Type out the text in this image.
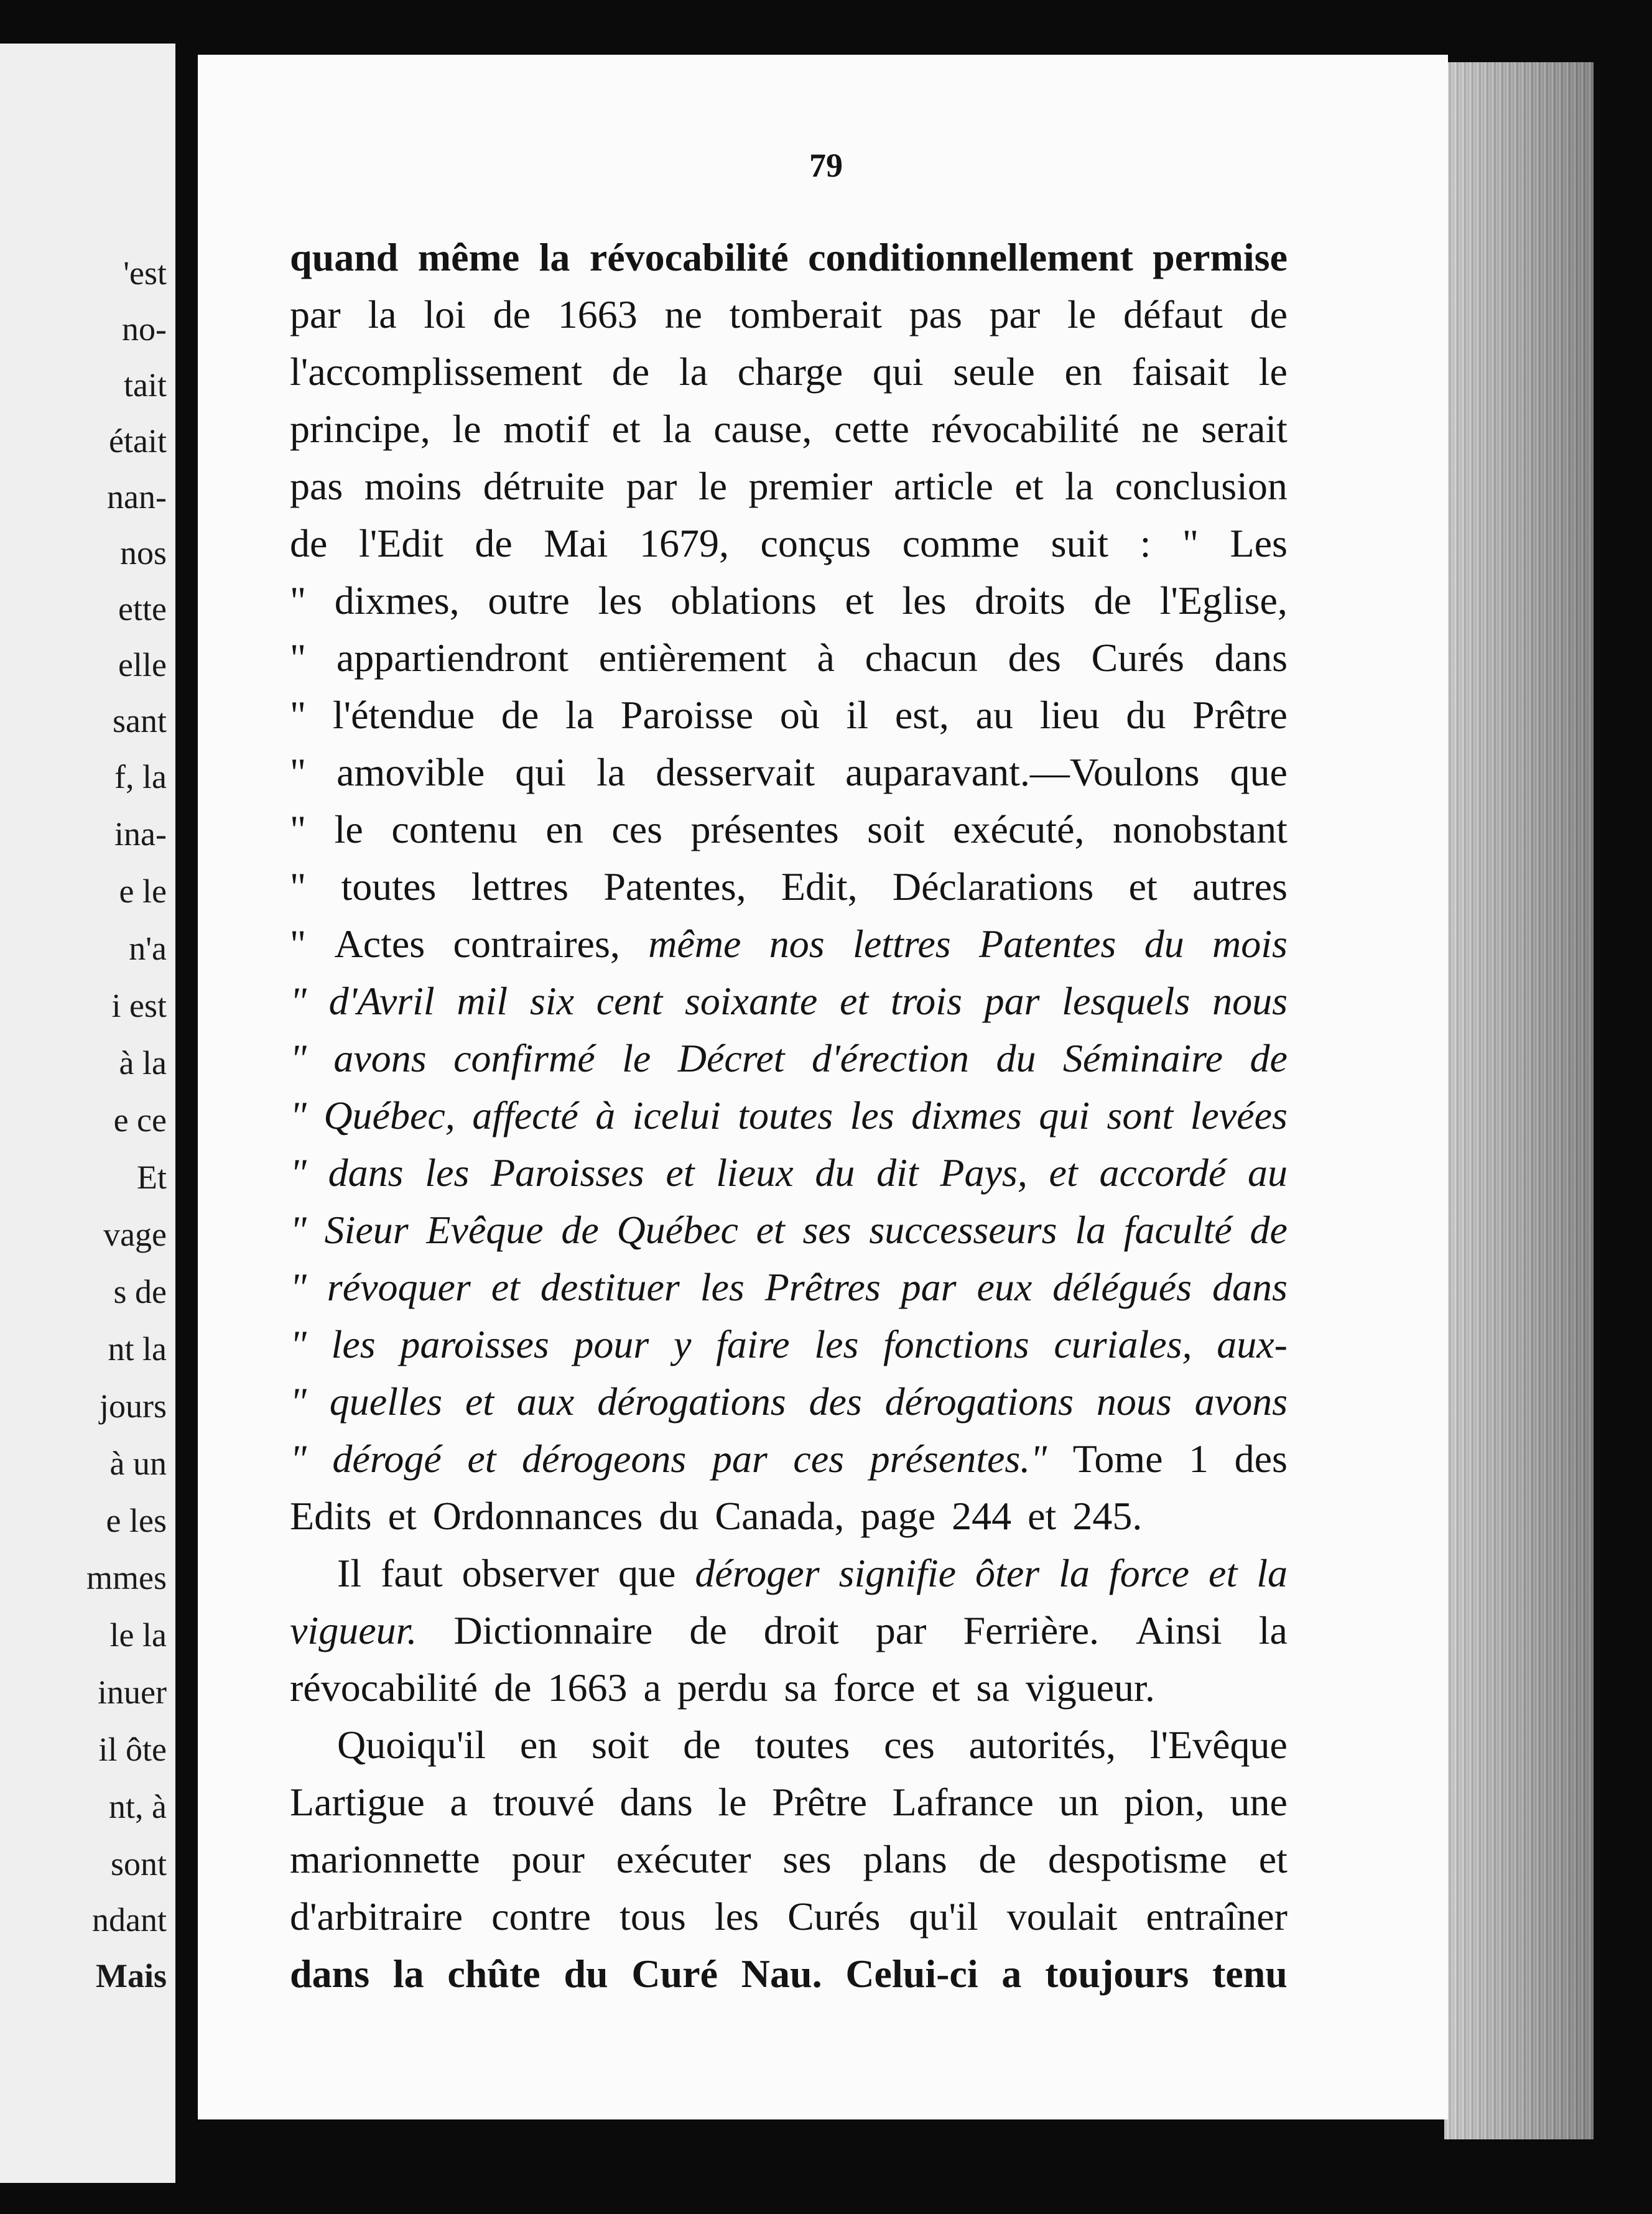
'est
no-
tait
était
nan-
nos
ette
elle
sant
f, la
ina-
e le
n'a
i est
à la
e ce
Et
vage
s de
nt la
jours
à un
e les
mmes
le la
inuer
il ôte
nt, à
sont
ndant
Mais
79
quand même la révocabilité conditionnellement permise
par la loi de 1663 ne tomberait pas par le défaut de
l'accomplissement de la charge qui seule en faisait le
principe, le motif et la cause, cette révocabilité ne serait
pas moins détruite par le premier article et la conclusion
de l'Edit de Mai 1679, conçus comme suit : " Les
" dixmes, outre les oblations et les droits de l'Eglise,
" appartiendront entièrement à chacun des Curés dans
" l'étendue de la Paroisse où il est, au lieu du Prêtre
" amovible qui la desservait auparavant.—Voulons que
" le contenu en ces présentes soit exécuté, nonobstant
" toutes lettres Patentes, Edit, Déclarations et autres
" Actes contraires, même nos lettres Patentes du mois
" d'Avril mil six cent soixante et trois par lesquels nous
" avons confirmé le Décret d'érection du Séminaire de
" Québec, affecté à icelui toutes les dixmes qui sont levées
" dans les Paroisses et lieux du dit Pays, et accordé au
" Sieur Evêque de Québec et ses successeurs la faculté de
" révoquer et destituer les Prêtres par eux délégués dans
" les paroisses pour y faire les fonctions curiales, aux-
" quelles et aux dérogations des dérogations nous avons
" dérogé et dérogeons par ces présentes." Tome 1 des
Edits et Ordonnances du Canada, page 244 et 245.
Il faut observer que déroger signifie ôter la force et la
vigueur. Dictionnaire de droit par Ferrière. Ainsi la
révocabilité de 1663 a perdu sa force et sa vigueur.
Quoiqu'il en soit de toutes ces autorités, l'Evêque
Lartigue a trouvé dans le Prêtre Lafrance un pion, une
marionnette pour exécuter ses plans de despotisme et
d'arbitraire contre tous les Curés qu'il voulait entraîner
dans la chûte du Curé Nau. Celui-ci a toujours tenu
